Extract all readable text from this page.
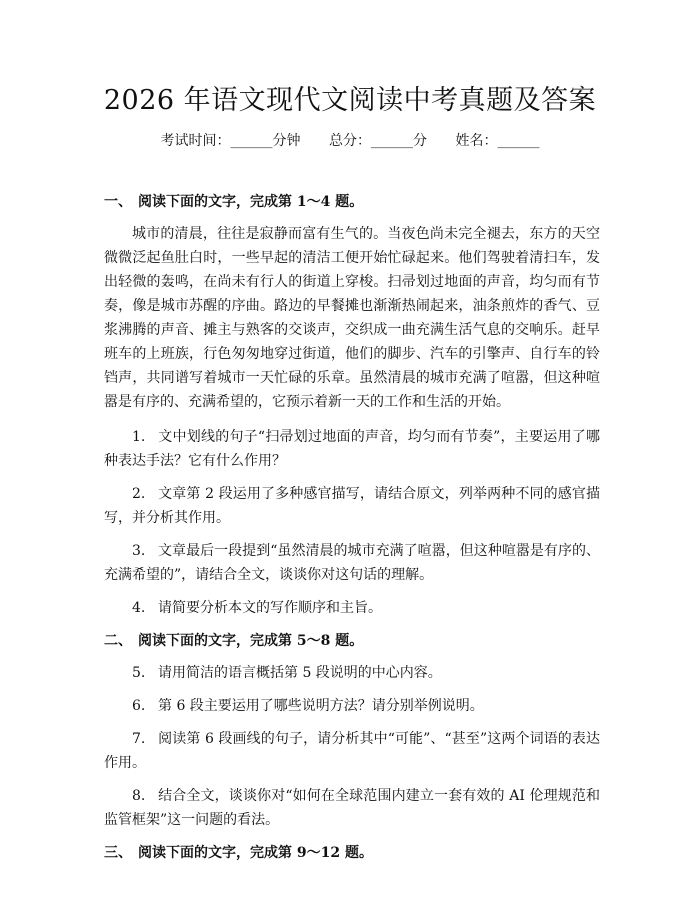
2026 年语文现代文阅读中考真题及答案
考试时间：______分钟 总分：______分 姓名：______
一、 阅读下面的文字，完成第 1～4 题。
城市的清晨，往往是寂静而富有生气的。当夜色尚未完全褪去，东方的天空微微泛起鱼肚白时，一些早起的清洁工便开始忙碌起来。他们驾驶着清扫车，发出轻微的轰鸣，在尚未有行人的街道上穿梭。扫帚划过地面的声音，均匀而有节奏，像是城市苏醒的序曲。路边的早餐摊也渐渐热闹起来，油条煎炸的香气、豆浆沸腾的声音、摊主与熟客的交谈声，交织成一曲充满生活气息的交响乐。赶早班车的上班族，行色匆匆地穿过街道，他们的脚步、汽车的引擎声、自行车的铃铛声，共同谱写着城市一天忙碌的乐章。虽然清晨的城市充满了喧嚣，但这种喧嚣是有序的、充满希望的，它预示着新一天的工作和生活的开始。
1. 文中划线的句子“扫帚划过地面的声音，均匀而有节奏”，主要运用了哪种表达手法？它有什么作用？
2. 文章第 2 段运用了多种感官描写，请结合原文，列举两种不同的感官描写，并分析其作用。
3. 文章最后一段提到“虽然清晨的城市充满了喧嚣，但这种喧嚣是有序的、充满希望的”，请结合全文，谈谈你对这句话的理解。
4. 请简要分析本文的写作顺序和主旨。
二、 阅读下面的文字，完成第 5～8 题。
5. 请用简洁的语言概括第 5 段说明的中心内容。
6. 第 6 段主要运用了哪些说明方法？请分别举例说明。
7. 阅读第 6 段画线的句子，请分析其中“可能”、“甚至”这两个词语的表达作用。
8. 结合全文，谈谈你对“如何在全球范围内建立一套有效的 AI 伦理规范和监管框架”这一问题的看法。
三、 阅读下面的文字，完成第 9～12 题。
